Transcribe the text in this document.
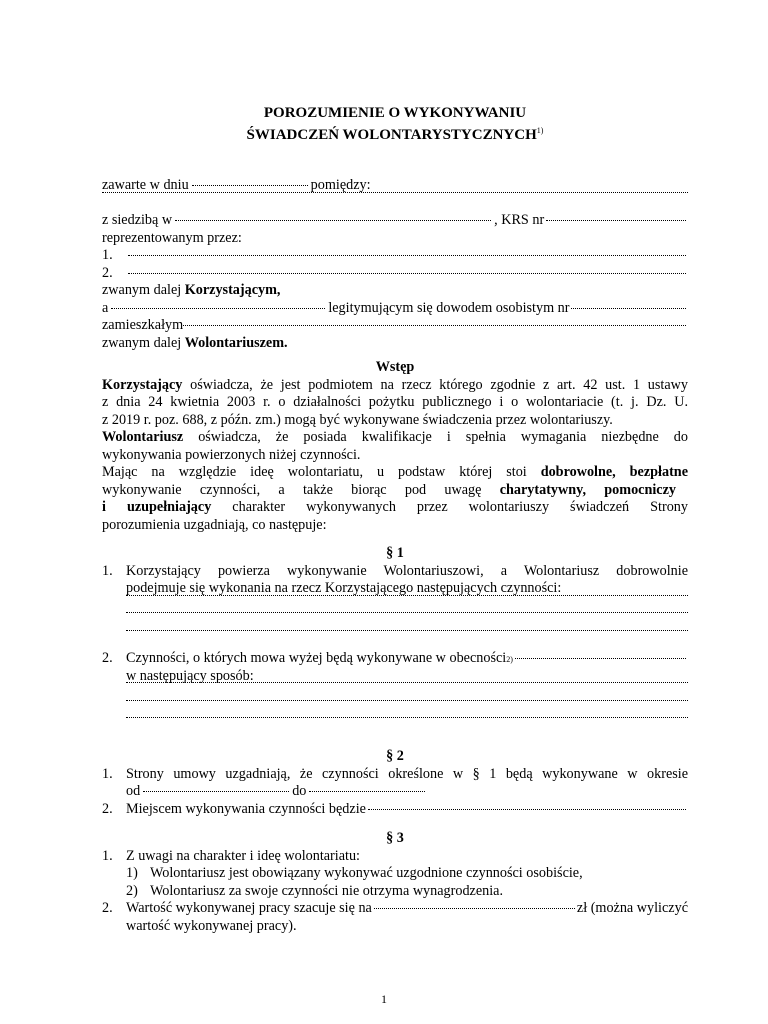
POROZUMIENIE O WYKONYWANIU
ŚWIADCZEŃ WOLONTARYSTYCZNYCH$^{1)}$
zawarte w dniu	pomiędzy:
z siedzibą w	, KRS nr
reprezentowanym przez:
1.
2.
zwanym dalej
Korzystającym,
a	legitymującym się dowodem osobistym nr
zamieszkałym
zwanym dalej
Wolontariuszem.
Wstęp
Korzystający oświadcza, że jest podmiotem na rzecz którego zgodnie z art. 42 ust. 1 ustawy
z dnia 24 kwietnia 2003 r. o działalności pożytku publicznego i o wolontariacie (t. j. Dz. U.
z 2019 r. poz. 688, z późn. zm.) mogą być wykonywane świadczenia przez wolontariuszy.
Wolontariusz oświadcza, że posiada kwalifikacje i spełnia wymagania niezbędne do
wykonywania powierzonych niżej czynności.
Mając na względzie ideę wolontariatu, u podstaw której stoi dobrowolne, bezpłatne
wykonywanie czynności, a także biorąc pod uwagę charytatywny, pomocniczy
i uzupełniający charakter wykonywanych przez wolontariuszy świadczeń Strony
porozumienia uzgadniają, co następuje:
§ 1
1. Korzystający powierza wykonywanie Wolontariuszowi, a Wolontariusz dobrowolnie
podejmuje się wykonania na rzecz Korzystającego następujących czynności:
2. Czynności, o których mowa wyżej będą wykonywane w obecności 2)
w następujący sposób:
§ 2
1. Strony umowy uzgadniają, że czynności określone w § 1 będą wykonywane w okresie
od	do
2. Miejscem wykonywania czynności będzie
§ 3
1. Z uwagi na charakter i ideę wolontariatu:
1) Wolontariusz jest obowiązany wykonywać uzgodnione czynności osobiście,
2) Wolontariusz za swoje czynności nie otrzyma wynagrodzenia.
2. Wartość wykonywanej pracy szacuje się na	zł (można wyliczyć
wartość wykonywanej pracy).
1
